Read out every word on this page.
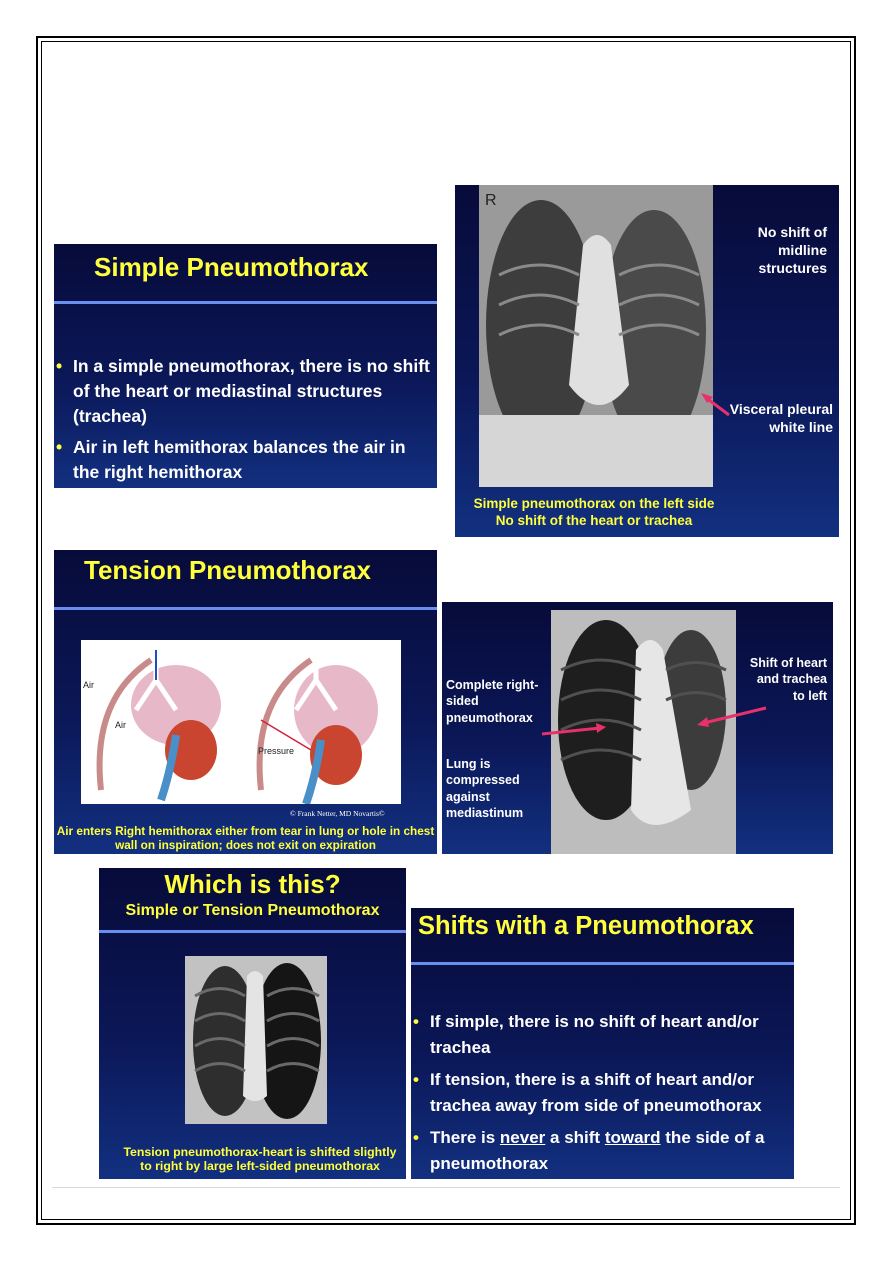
Simple Pneumothorax
• In a simple pneumothorax, there is no shift of the heart or mediastinal structures (trachea)
• Air in left hemithorax balances the air in the right hemithorax
R
No shift of midline structures
Visceral pleural white line
Simple pneumothorax on the left side
No shift of the heart or trachea
Tension Pneumothorax
Air
Air
Pressure
© Frank Netter, MD Novartis©
Air enters Right hemithorax either from tear in lung or hole in chest wall on inspiration; does not exit on expiration
Complete right-sided pneumothorax
Lung is compressed against mediastinum
Shift of heart and trachea to left
Which is this?
Simple or Tension Pneumothorax
Tension pneumothorax-heart is shifted slightly
to right by large left-sided pneumothorax
Shifts with a Pneumothorax
• If simple, there is no shift of heart and/or trachea
• If tension, there is a shift of heart and/or trachea away from side of pneumothorax
• There is never a shift toward the side of a pneumothorax
